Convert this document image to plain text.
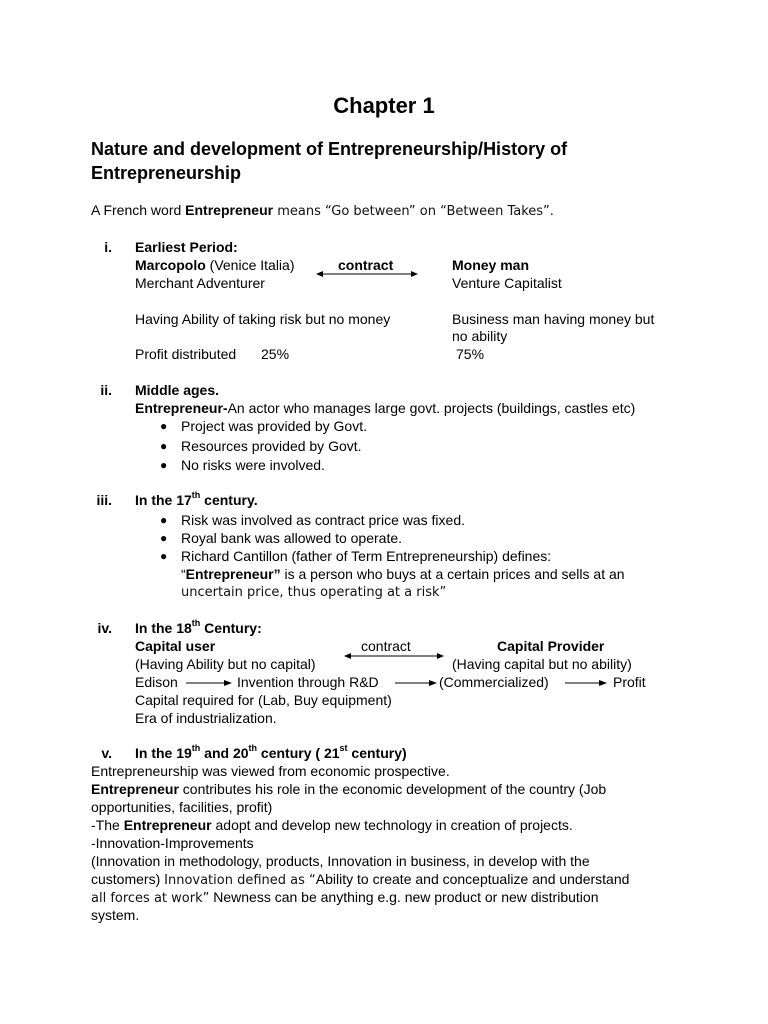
Chapter 1
Nature and development of Entrepreneurship/History of
Entrepreneurship
A French word Entrepreneur means “Go between” on “Between Takes”.
i. Earliest Period:
Marcopolo (Venice Italia)	contract	Money man
Merchant Adventurer	Venture Capitalist
Having Ability of taking risk but no money	Business man having money but
no ability
Profit distributed 25%	75%
ii. Middle ages.
Entrepreneur-An actor who manages large govt. projects (buildings, castles etc)
● Project was provided by Govt.
● Resources provided by Govt.
● No risks were involved.
iii. In the 17th century.
● Risk was involved as contract price was fixed.
● Royal bank was allowed to operate.
● Richard Cantillon (father of Term Entrepreneurship) defines:
“Entrepreneur” is a person who buys at a certain prices and sells at an
uncertain price, thus operating at a risk”
iv. In the 18th Century:
Capital user	contract	Capital Provider
(Having Ability but no capital)	(Having capital but no ability)
Edison	Invention through R&D	(Commercialized)	Profit
Capital required for (Lab, Buy equipment)
Era of industrialization.
v. In the 19th and 20th century ( 21st century)
Entrepreneurship was viewed from economic prospective.
Entrepreneur contributes his role in the economic development of the country (Job
opportunities, facilities, profit)
-The Entrepreneur adopt and develop new technology in creation of projects.
-Innovation-Improvements
(Innovation in methodology, products, Innovation in business, in develop with the
customers) Innovation defined as “Ability to create and conceptualize and understand
all forces at work” Newness can be anything e.g. new product or new distribution
system.
